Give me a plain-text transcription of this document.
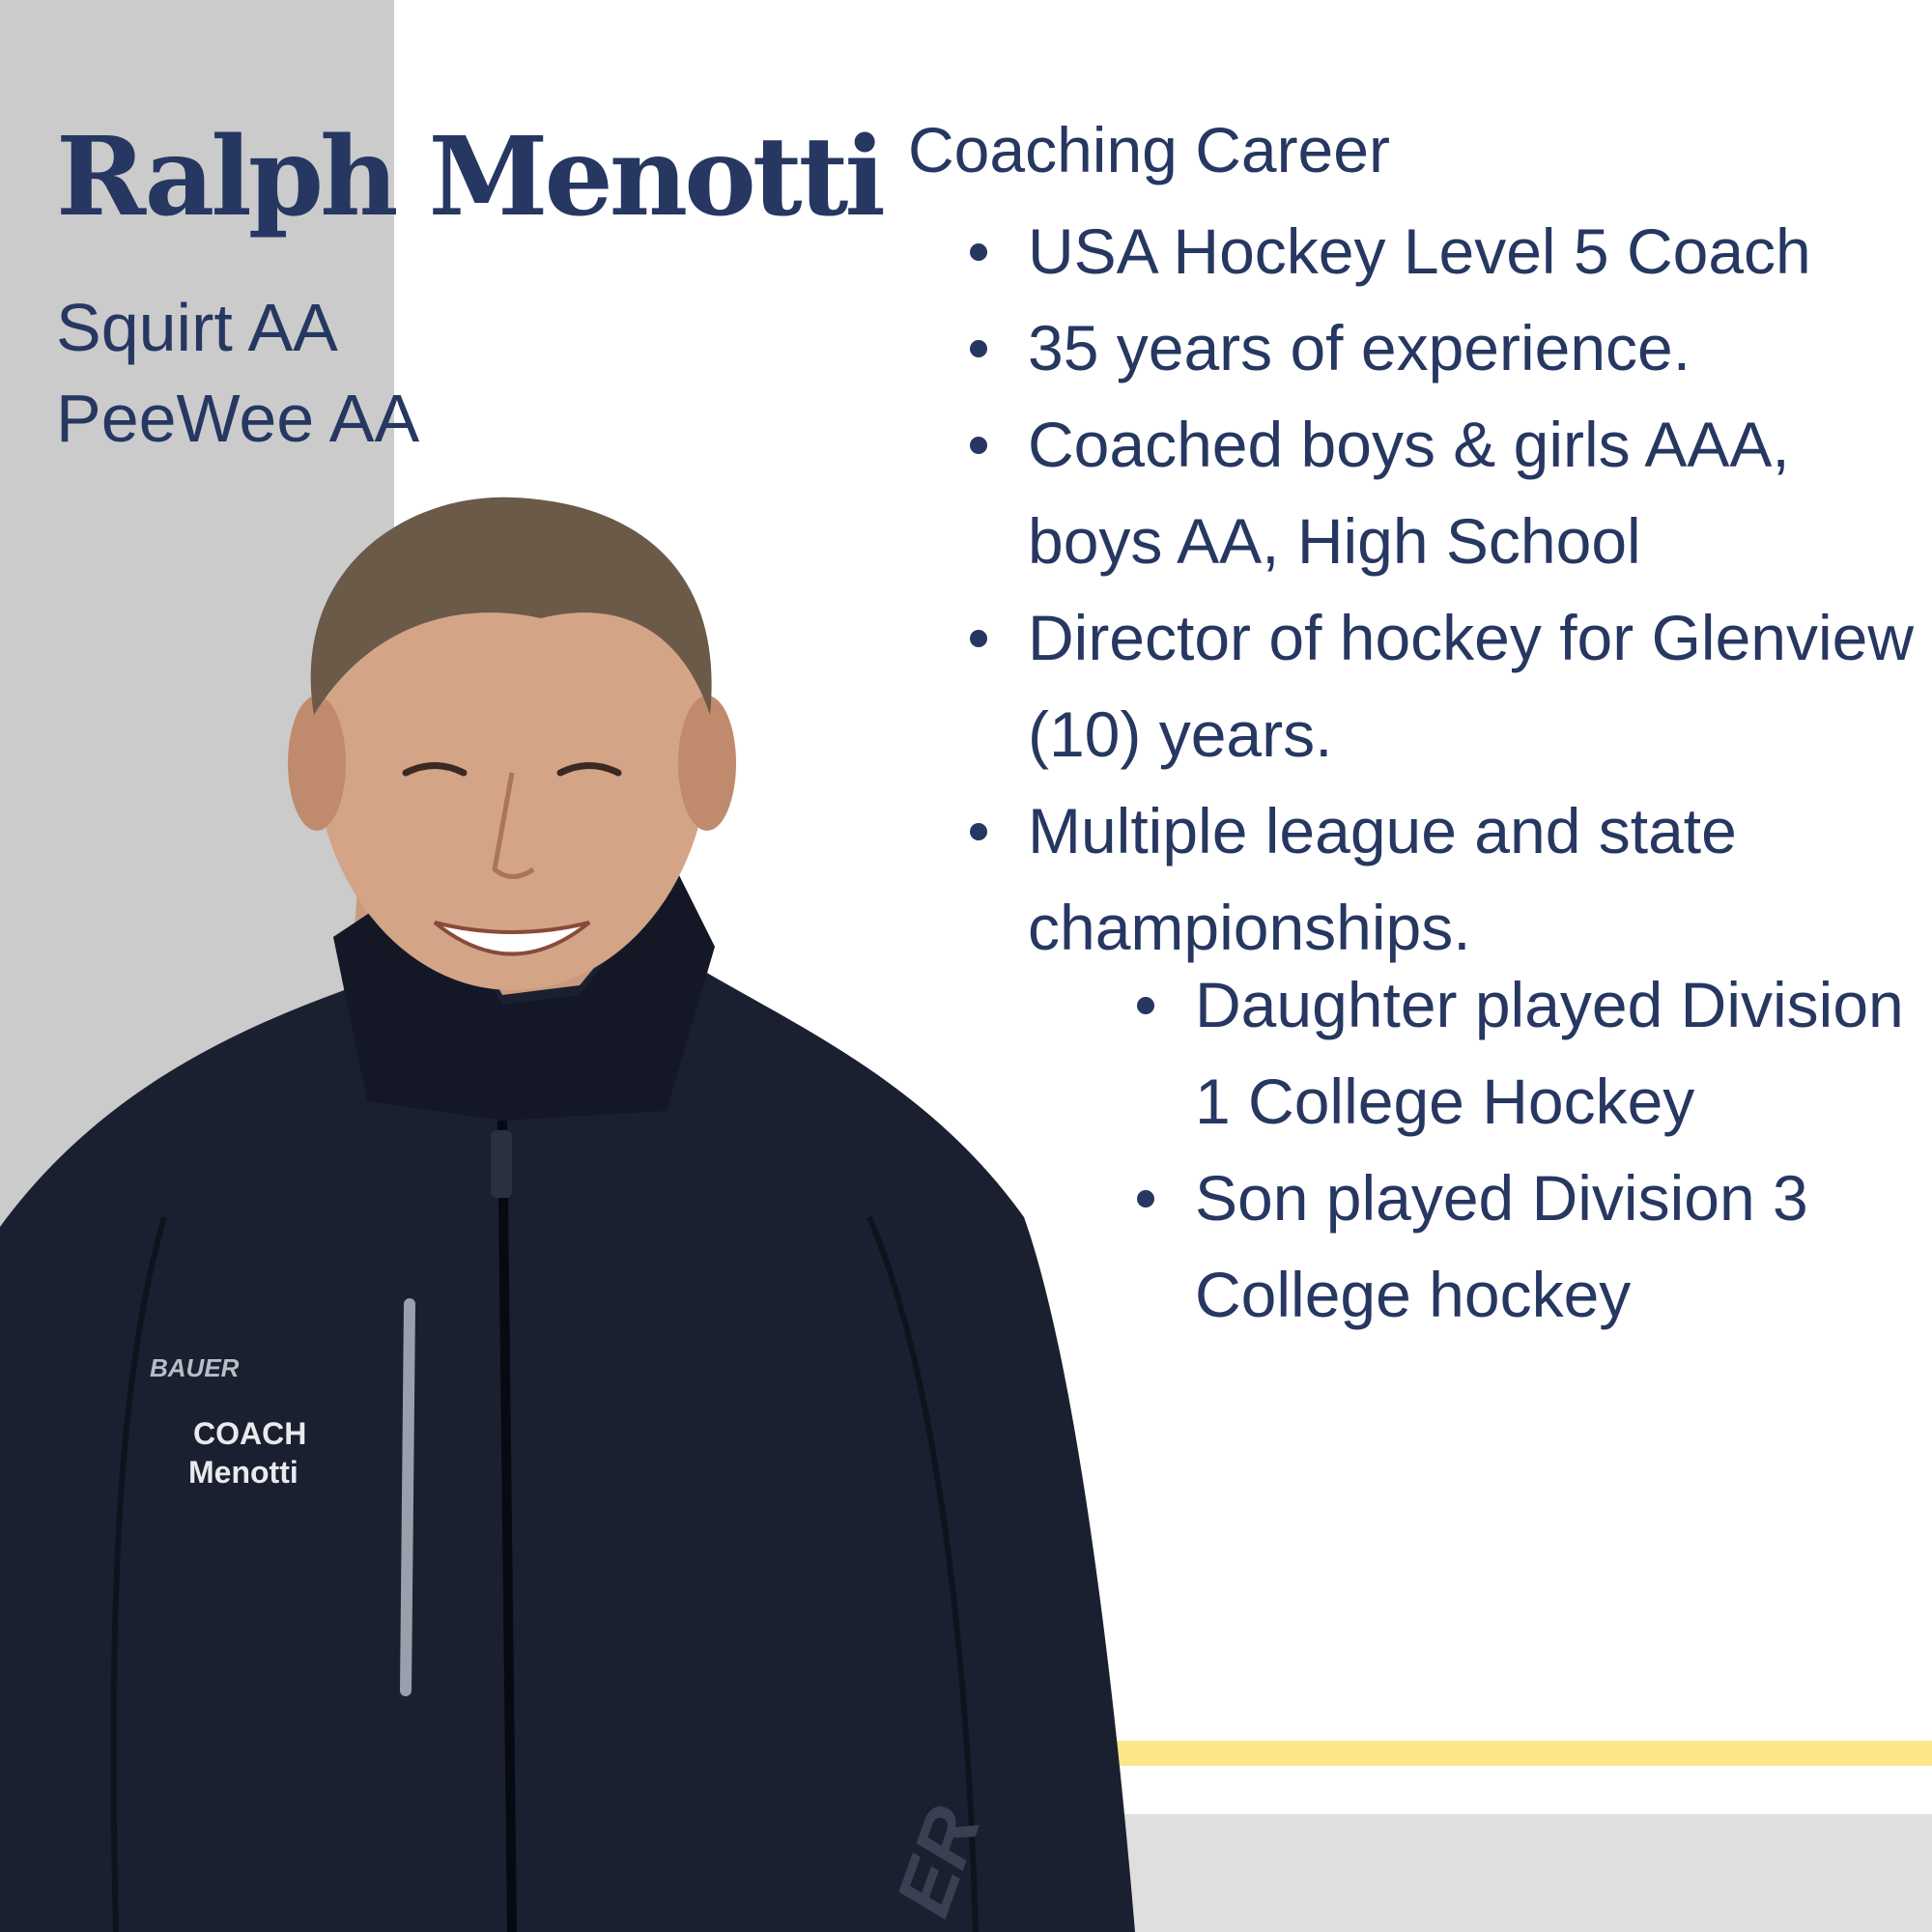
Ralph Menotti
Squirt AA
PeeWee AA
Coaching Career
USA Hockey Level 5 Coach
35 years of experience.
Coached boys & girls AAA, boys AA, High School
Director of hockey for Glenview (10) years.
Multiple league and state championships.
Daughter played Division 1 College Hockey
Son played Division 3 College hockey
BAUER
COACH
Menotti
ER
